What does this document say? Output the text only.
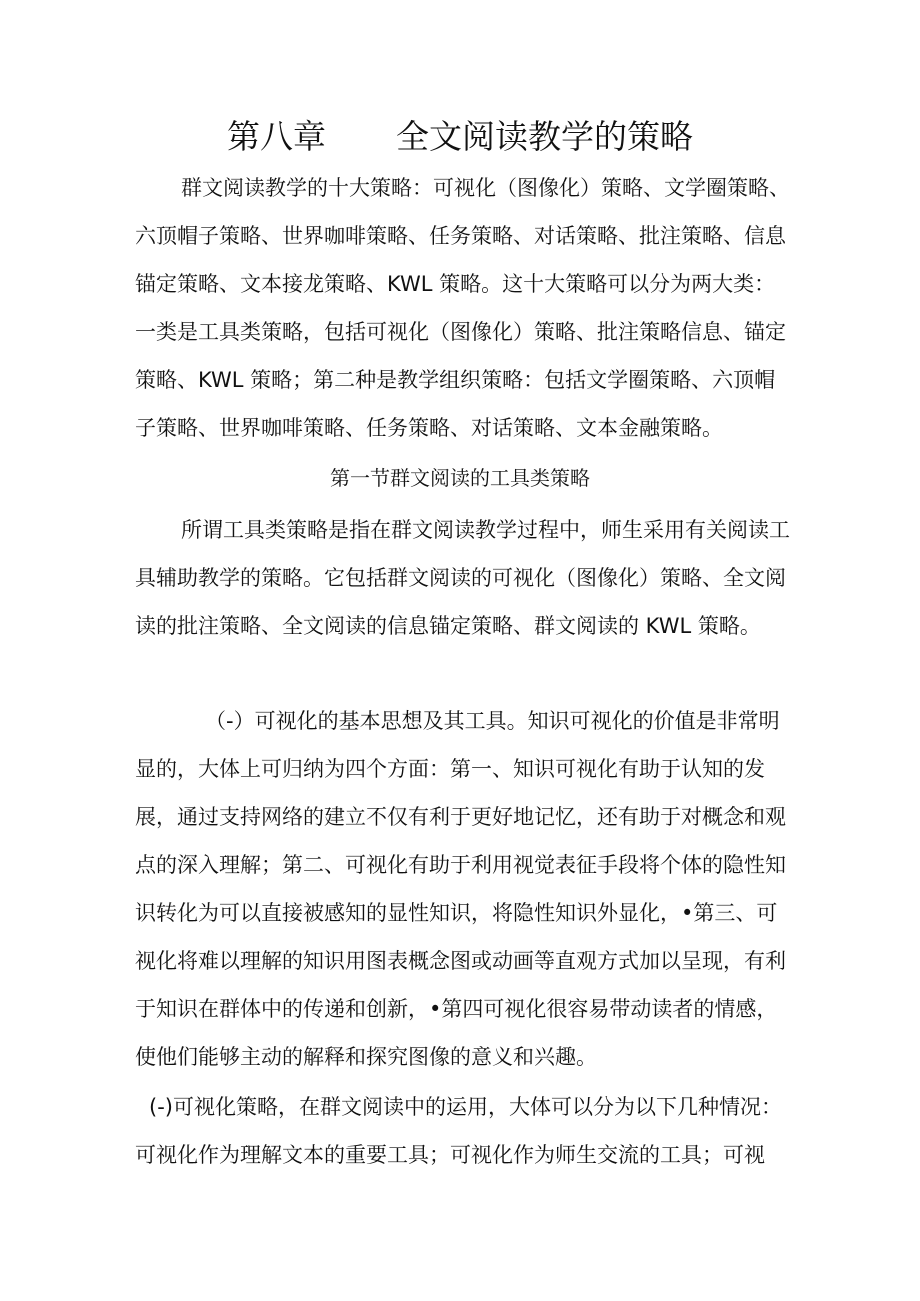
第八章 全文阅读教学的策略
群文阅读教学的十大策略：可视化（图像化）策略、文学圈策略、六顶帽子策略、世界咖啡策略、任务策略、对话策略、批注策略、信息锚定策略、文本接龙策略、KWL 策略。这十大策略可以分为两大类：一类是工具类策略，包括可视化（图像化）策略、批注策略信息、锚定策略、KWL 策略；第二种是教学组织策略：包括文学圈策略、六顶帽子策略、世界咖啡策略、任务策略、对话策略、文本金融策略。
第一节群文阅读的工具类策略
所谓工具类策略是指在群文阅读教学过程中，师生采用有关阅读工具辅助教学的策略。它包括群文阅读的可视化（图像化）策略、全文阅读的批注策略、全文阅读的信息锚定策略、群文阅读的 KWL 策略。
（-）可视化的基本思想及其工具。知识可视化的价值是非常明显的，大体上可归纳为四个方面：第一、知识可视化有助于认知的发展，通过支持网络的建立不仅有利于更好地记忆，还有助于对概念和观点的深入理解；第二、可视化有助于利用视觉表征手段将个体的隐性知识转化为可以直接被感知的显性知识，将隐性知识外显化，•第三、可视化将难以理解的知识用图表概念图或动画等直观方式加以呈现，有利于知识在群体中的传递和创新，•第四可视化很容易带动读者的情感，使他们能够主动的解释和探究图像的意义和兴趣。
(-)可视化策略，在群文阅读中的运用，大体可以分为以下几种情况：可视化作为理解文本的重要工具；可视化作为师生交流的工具；可视
